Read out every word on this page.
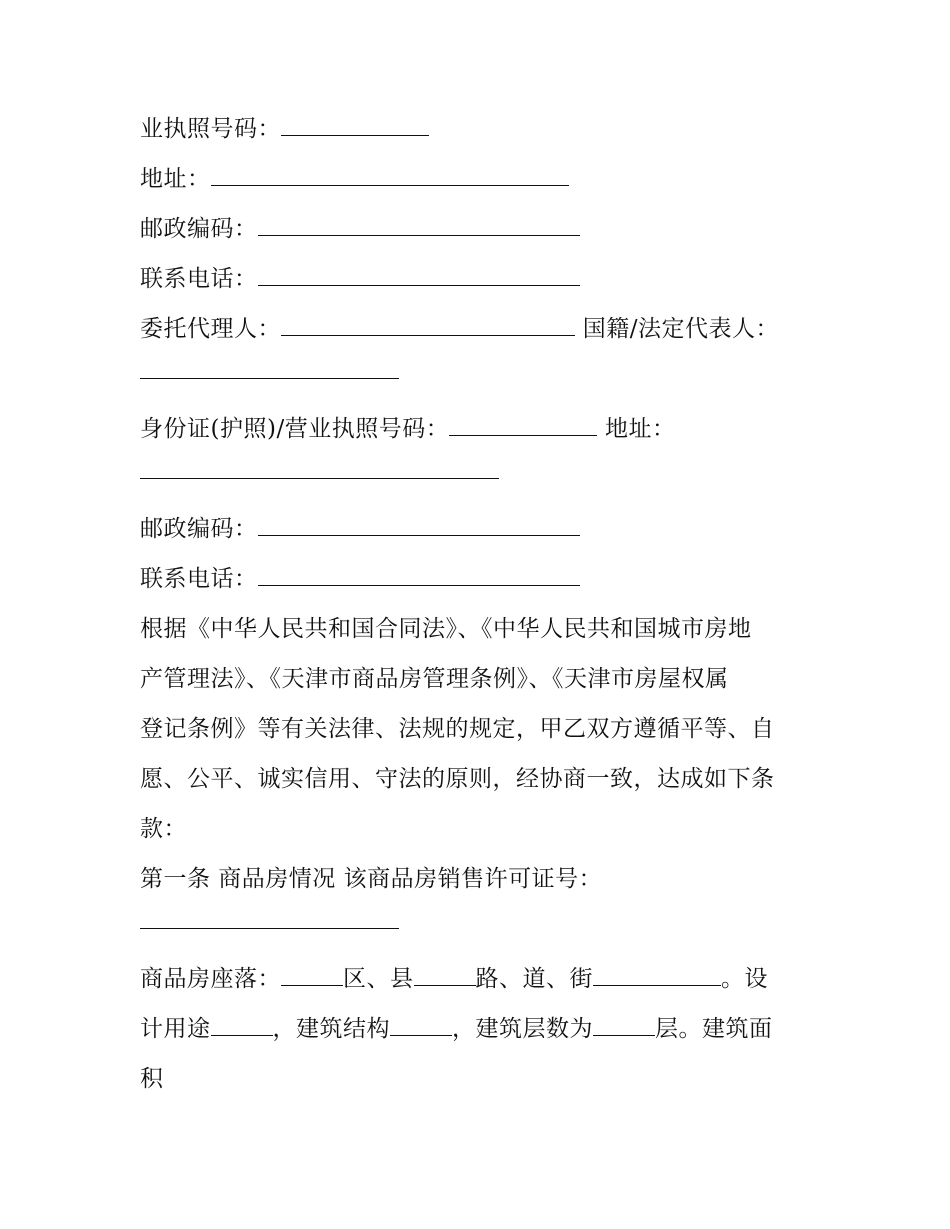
业执照号码：
地址：
邮政编码：
联系电话：
委托代理人：	国籍/法定代表人：
身份证(护照)/营业执照号码：	地址：
邮政编码：
联系电话：
根据《中华人民共和国合同法》、《中华人民共和国城市房地
产管理法》、《天津市商品房管理条例》、《天津市房屋权属
登记条例》等有关法律、法规的规定，甲乙双方遵循平等、自
愿、公平、诚实信用、守法的原则，经协商一致，达成如下条
款：
第一条 商品房情况 该商品房销售许可证号：
商品房座落：	区、县	路、道、街	。设
计用途	，建筑结构	，建筑层数为	层。建筑面
积
